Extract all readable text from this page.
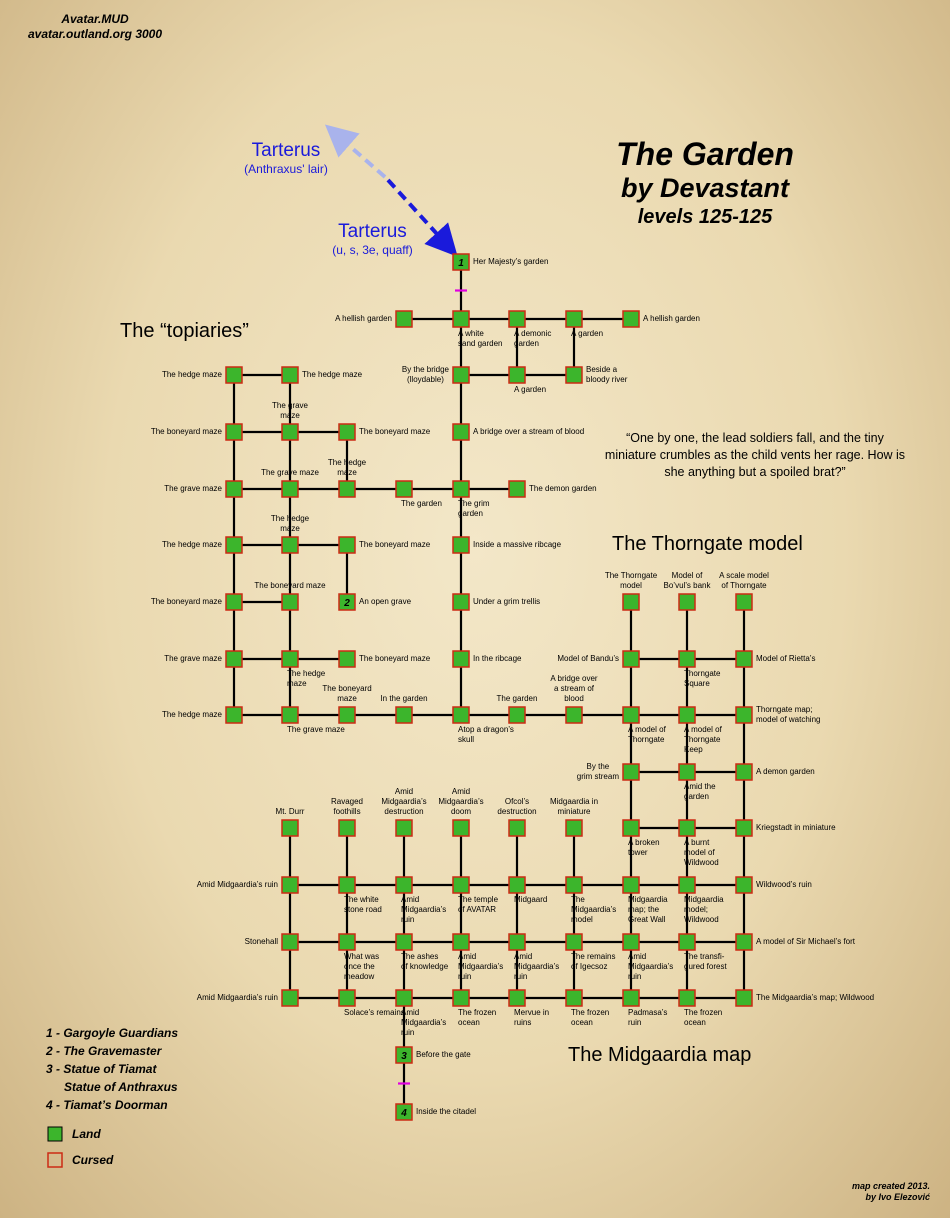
1
2
3
4
Her Majesty’s garden
A hellish garden
A white
sand garden
A demonic
garden
A garden
A hellish garden
By the bridge
(lloydable)
A garden
Beside a
bloody river
A bridge over a stream of blood
The grim
garden
The demon garden
The garden
Inside a massive ribcage
Under a grim trellis
In the ribcage
Atop a dragon’s
skull
In the garden	The garden
A bridge over
a stream of
blood
The hedge maze	The hedge maze
The boneyard maze
The grave
maze
The boneyard maze
The grave maze
The grave maze
The hedge
maze
The hedge maze
The hedge
maze
The boneyard maze
The boneyard maze
The boneyard maze
An open grave
The grave maze
The hedge
maze
The boneyard maze
The hedge maze
The grave maze
The boneyard
maze
The Thorngate
model
Model of
Bo’vul’s bank
A scale model
of Thorngate
Model of Bandu’s
Thorngate
Square
Model of Rietta’s
A model of
Thorngate
A model of
Thorngate
Keep
Thorngate map;
model of watching
By the
grim stream
Amid the
garden
A demon garden
Mt. Durr
Ravaged
foothills
Amid
Midgaardia’s
destruction
Amid
Midgaardia’s
doom
Ofcol’s
destruction
Midgaardia in
miniature
A broken
tower
A burnt
model of
Wildwood
Kriegstadt in miniature
Amid Midgaardia’s ruin
The white
stone road
Amid
Midgaardia’s
ruin
The temple
of AVATAR
Midgaard	The
Midgaardia’s
model
Midgaardia
map; the
Great Wall
Midgaardia
model;
Wildwood
Wildwood’s ruin
Stonehall
What was
once the
meadow
The ashes
of knowledge
Amid
Midgaardia’s
ruin
Amid
Midgaardia’s
ruin
The remains
of Igecsoz
Amid
Midgaardia’s
ruin
The transfi-
gured forest
A model of Sir Michael’s fort
Amid Midgaardia’s ruin
Solace’s remains
Amid
Midgaardia’s
ruin
The frozen
ocean
Mervue in
ruins
The frozen
ocean
Padmasa’s
ruin
The frozen
ocean
The Midgaardia’s map; Wildwood
Before the gate
Inside the citadel
Avatar.MUD
avatar.outland.org 3000
The Garden
by Devastant
levels 125-125
Tarterus
(Anthraxus' lair)
Tarterus
(u, s, 3e, quaff)
The “topiaries”
The Thorngate model
The Midgaardia map
“One by one, the lead soldiers fall, and the tiny miniature crumbles as the child vents her rage. How is she anything but a spoiled brat?”
1 - Gargoyle Guardians
2 - The Gravemaster
3 - Statue of Tiamat
Statue of Anthraxus
4 - Tiamat’s Doorman
Land
Cursed
map created 2013.
by Ivo Elezović
